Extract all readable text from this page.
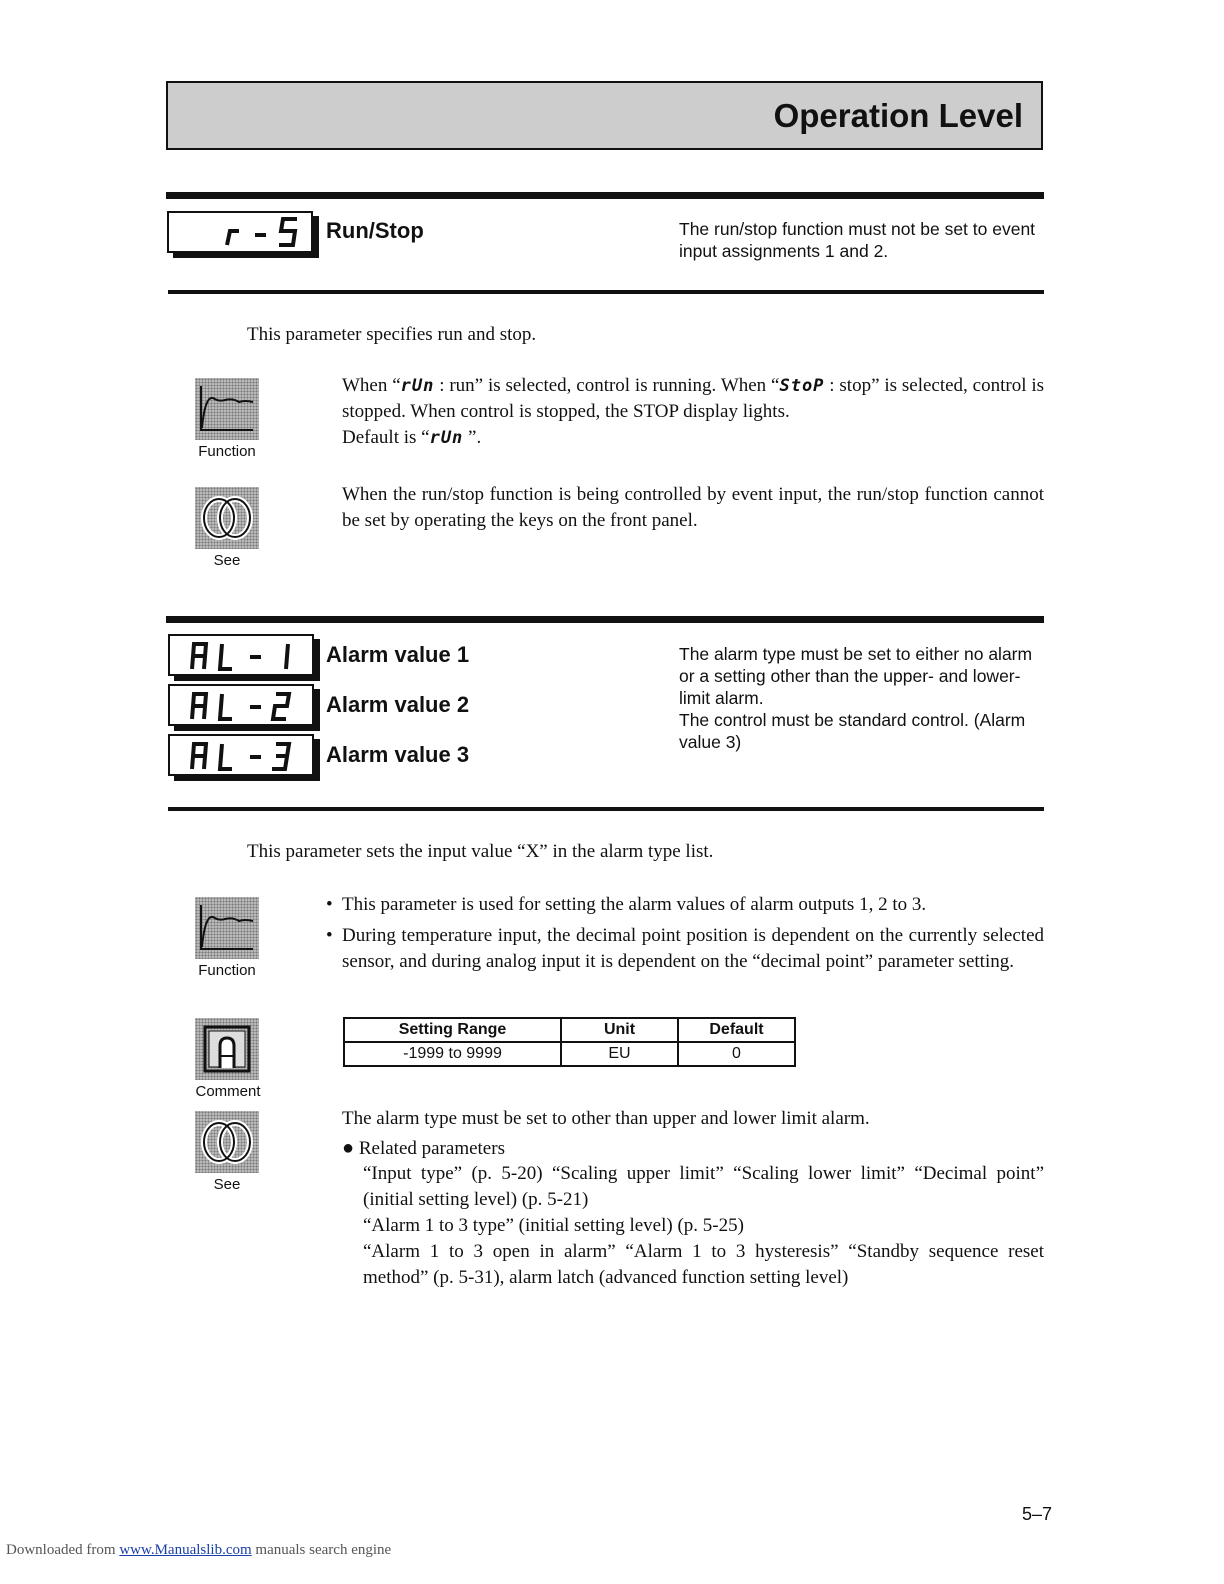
Operation Level
Run/Stop	The run/stop function must not be set to event input assignments 1 and 2.
This parameter specifies run and stop.
Function
When “rUn : run” is selected, control is running. When “StoP : stop” is selected, control is stopped. When control is stopped, the STOP display lights.
Default is “rUn ”.
See
When the run/stop function is being controlled by event input, the run/stop function cannot be set by operating the keys on the front panel.
Alarm value 1
Alarm value 2
Alarm value 3
The alarm type must be set to either no alarm or a setting other than the upper- and lower-limit alarm.
The control must be standard control. (Alarm value 3)
This parameter sets the input value “X” in the alarm type list.
Function
• This parameter is used for setting the alarm values of alarm outputs 1, 2 to 3.
• During temperature input, the decimal point position is dependent on the currently selected sensor, and during analog input it is dependent on the “decimal point” parameter setting.
Comment
Setting Range	Unit	Default
-1999 to 9999	EU	0
See
The alarm type must be set to other than upper and lower limit alarm.
● Related parameters
“Input type” (p. 5-20) “Scaling upper limit” “Scaling lower limit” “Decimal point” (initial setting level) (p. 5-21)
“Alarm 1 to 3 type” (initial setting level) (p. 5-25)
“Alarm 1 to 3 open in alarm” “Alarm 1 to 3 hysteresis” “Standby sequence reset method” (p. 5-31), alarm latch (advanced function setting level)
5–7
Downloaded from www.Manualslib.com manuals search engine
